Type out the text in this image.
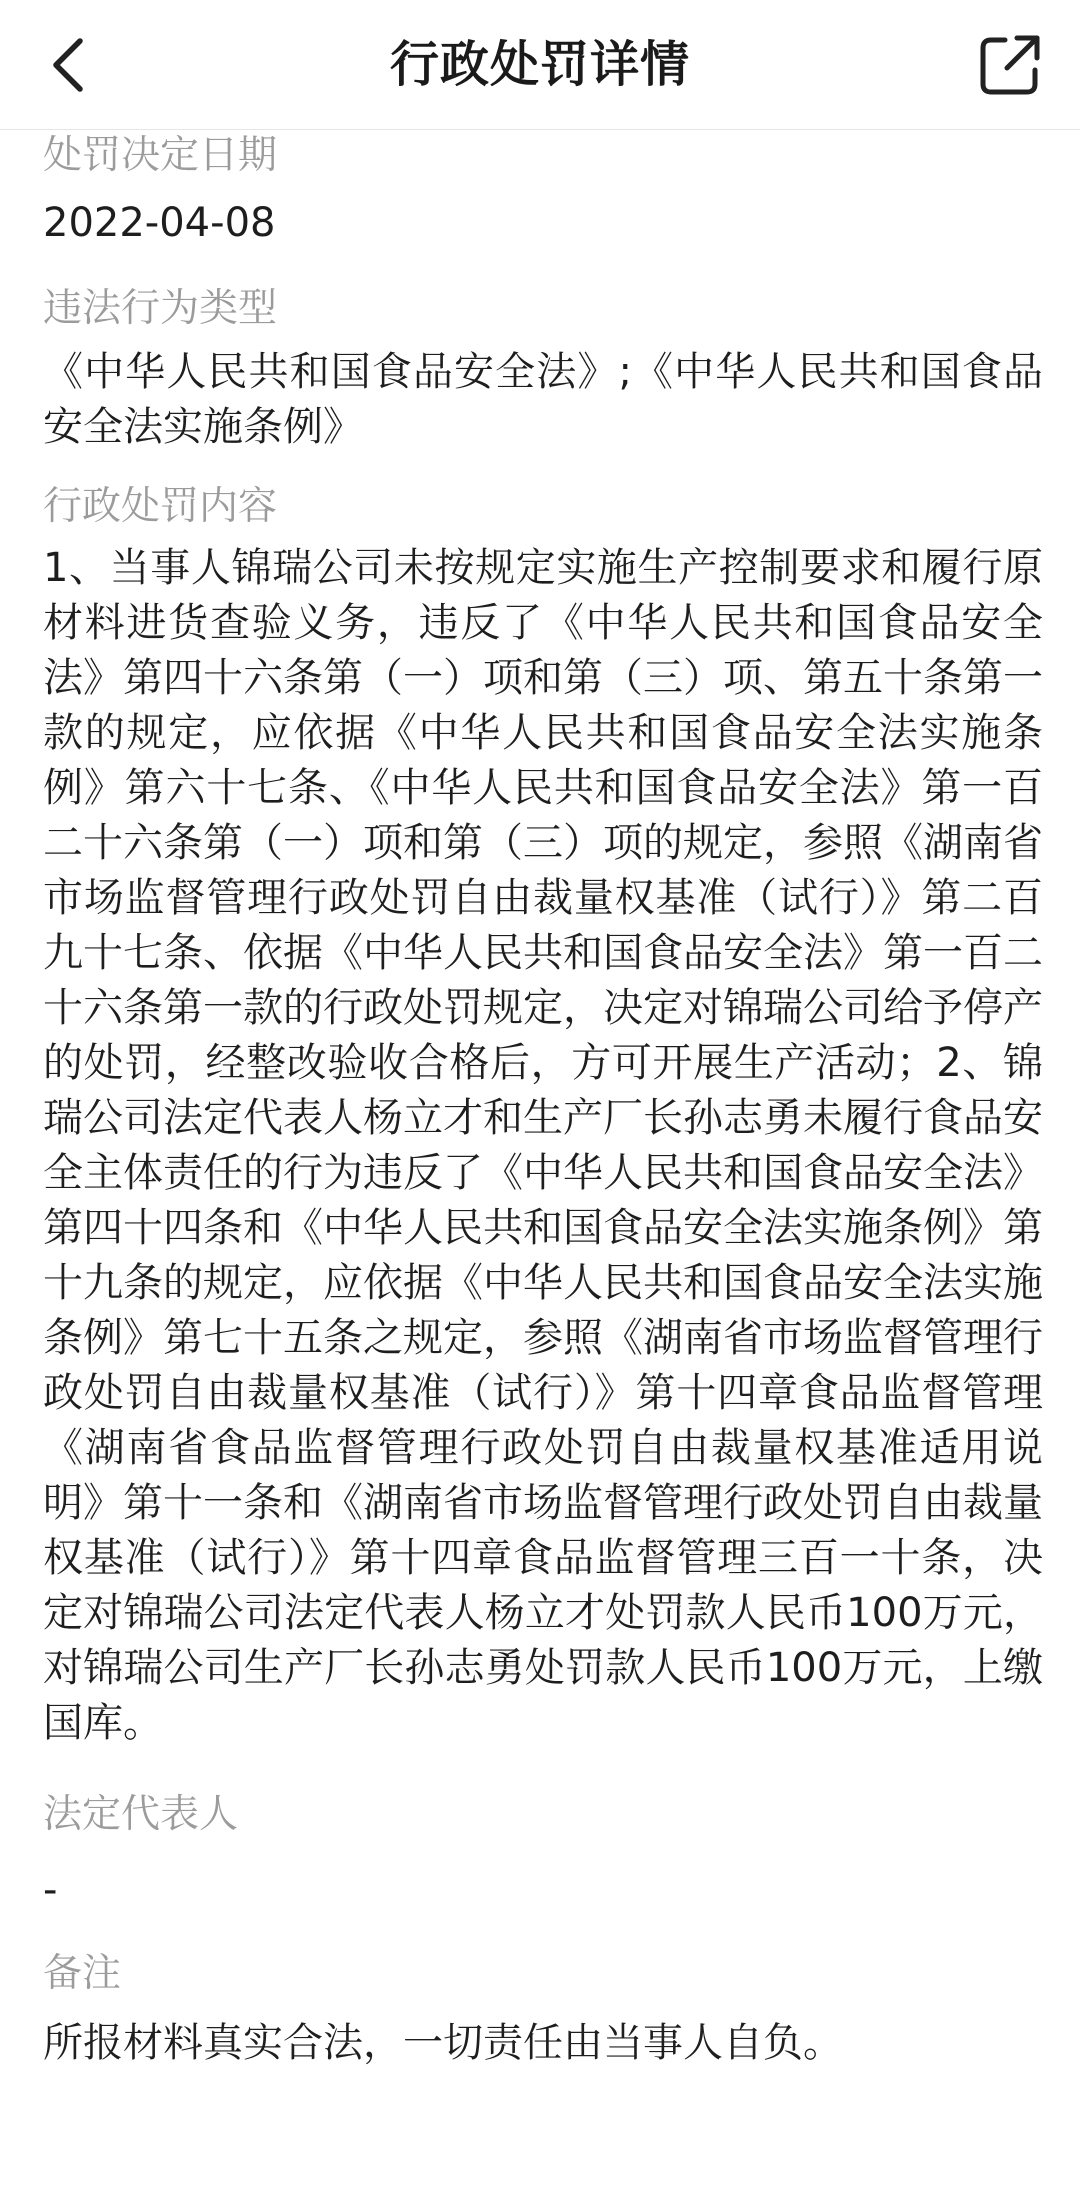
行政处罚详情
处罚决定日期
2022-04-08
违法行为类型
《中华人民共和国食品安全法》;《中华人民共和国食品安全法实施条例》
行政处罚内容
1、当事人锦瑞公司未按规定实施生产控制要求和履行原材料进货查验义务，违反了《中华人民共和国食品安全法》第四十六条第（一）项和第（三）项、第五十条第一款的规定，应依据《中华人民共和国食品安全法实施条例》第六十七条、《中华人民共和国食品安全法》第一百二十六条第（一）项和第（三）项的规定，参照《湖南省市场监督管理行政处罚自由裁量权基准（试行）》第二百九十七条、依据《中华人民共和国食品安全法》第一百二十六条第一款的行政处罚规定，决定对锦瑞公司给予停产的处罚，经整改验收合格后，方可开展生产活动；2、锦瑞公司法定代表人杨立才和生产厂长孙志勇未履行食品安全主体责任的行为违反了《中华人民共和国食品安全法》第四十四条和《中华人民共和国食品安全法实施条例》第十九条的规定，应依据《中华人民共和国食品安全法实施条例》第七十五条之规定，参照《湖南省市场监督管理行政处罚自由裁量权基准（试行）》第十四章食品监督管理《湖南省食品监督管理行政处罚自由裁量权基准适用说明》第十一条和《湖南省市场监督管理行政处罚自由裁量权基准（试行）》第十四章食品监督管理三百一十条，决定对锦瑞公司法定代表人杨立才处罚款人民币100万元，对锦瑞公司生产厂长孙志勇处罚款人民币100万元，上缴国库。
法定代表人
-
备注
所报材料真实合法，一切责任由当事人自负。
